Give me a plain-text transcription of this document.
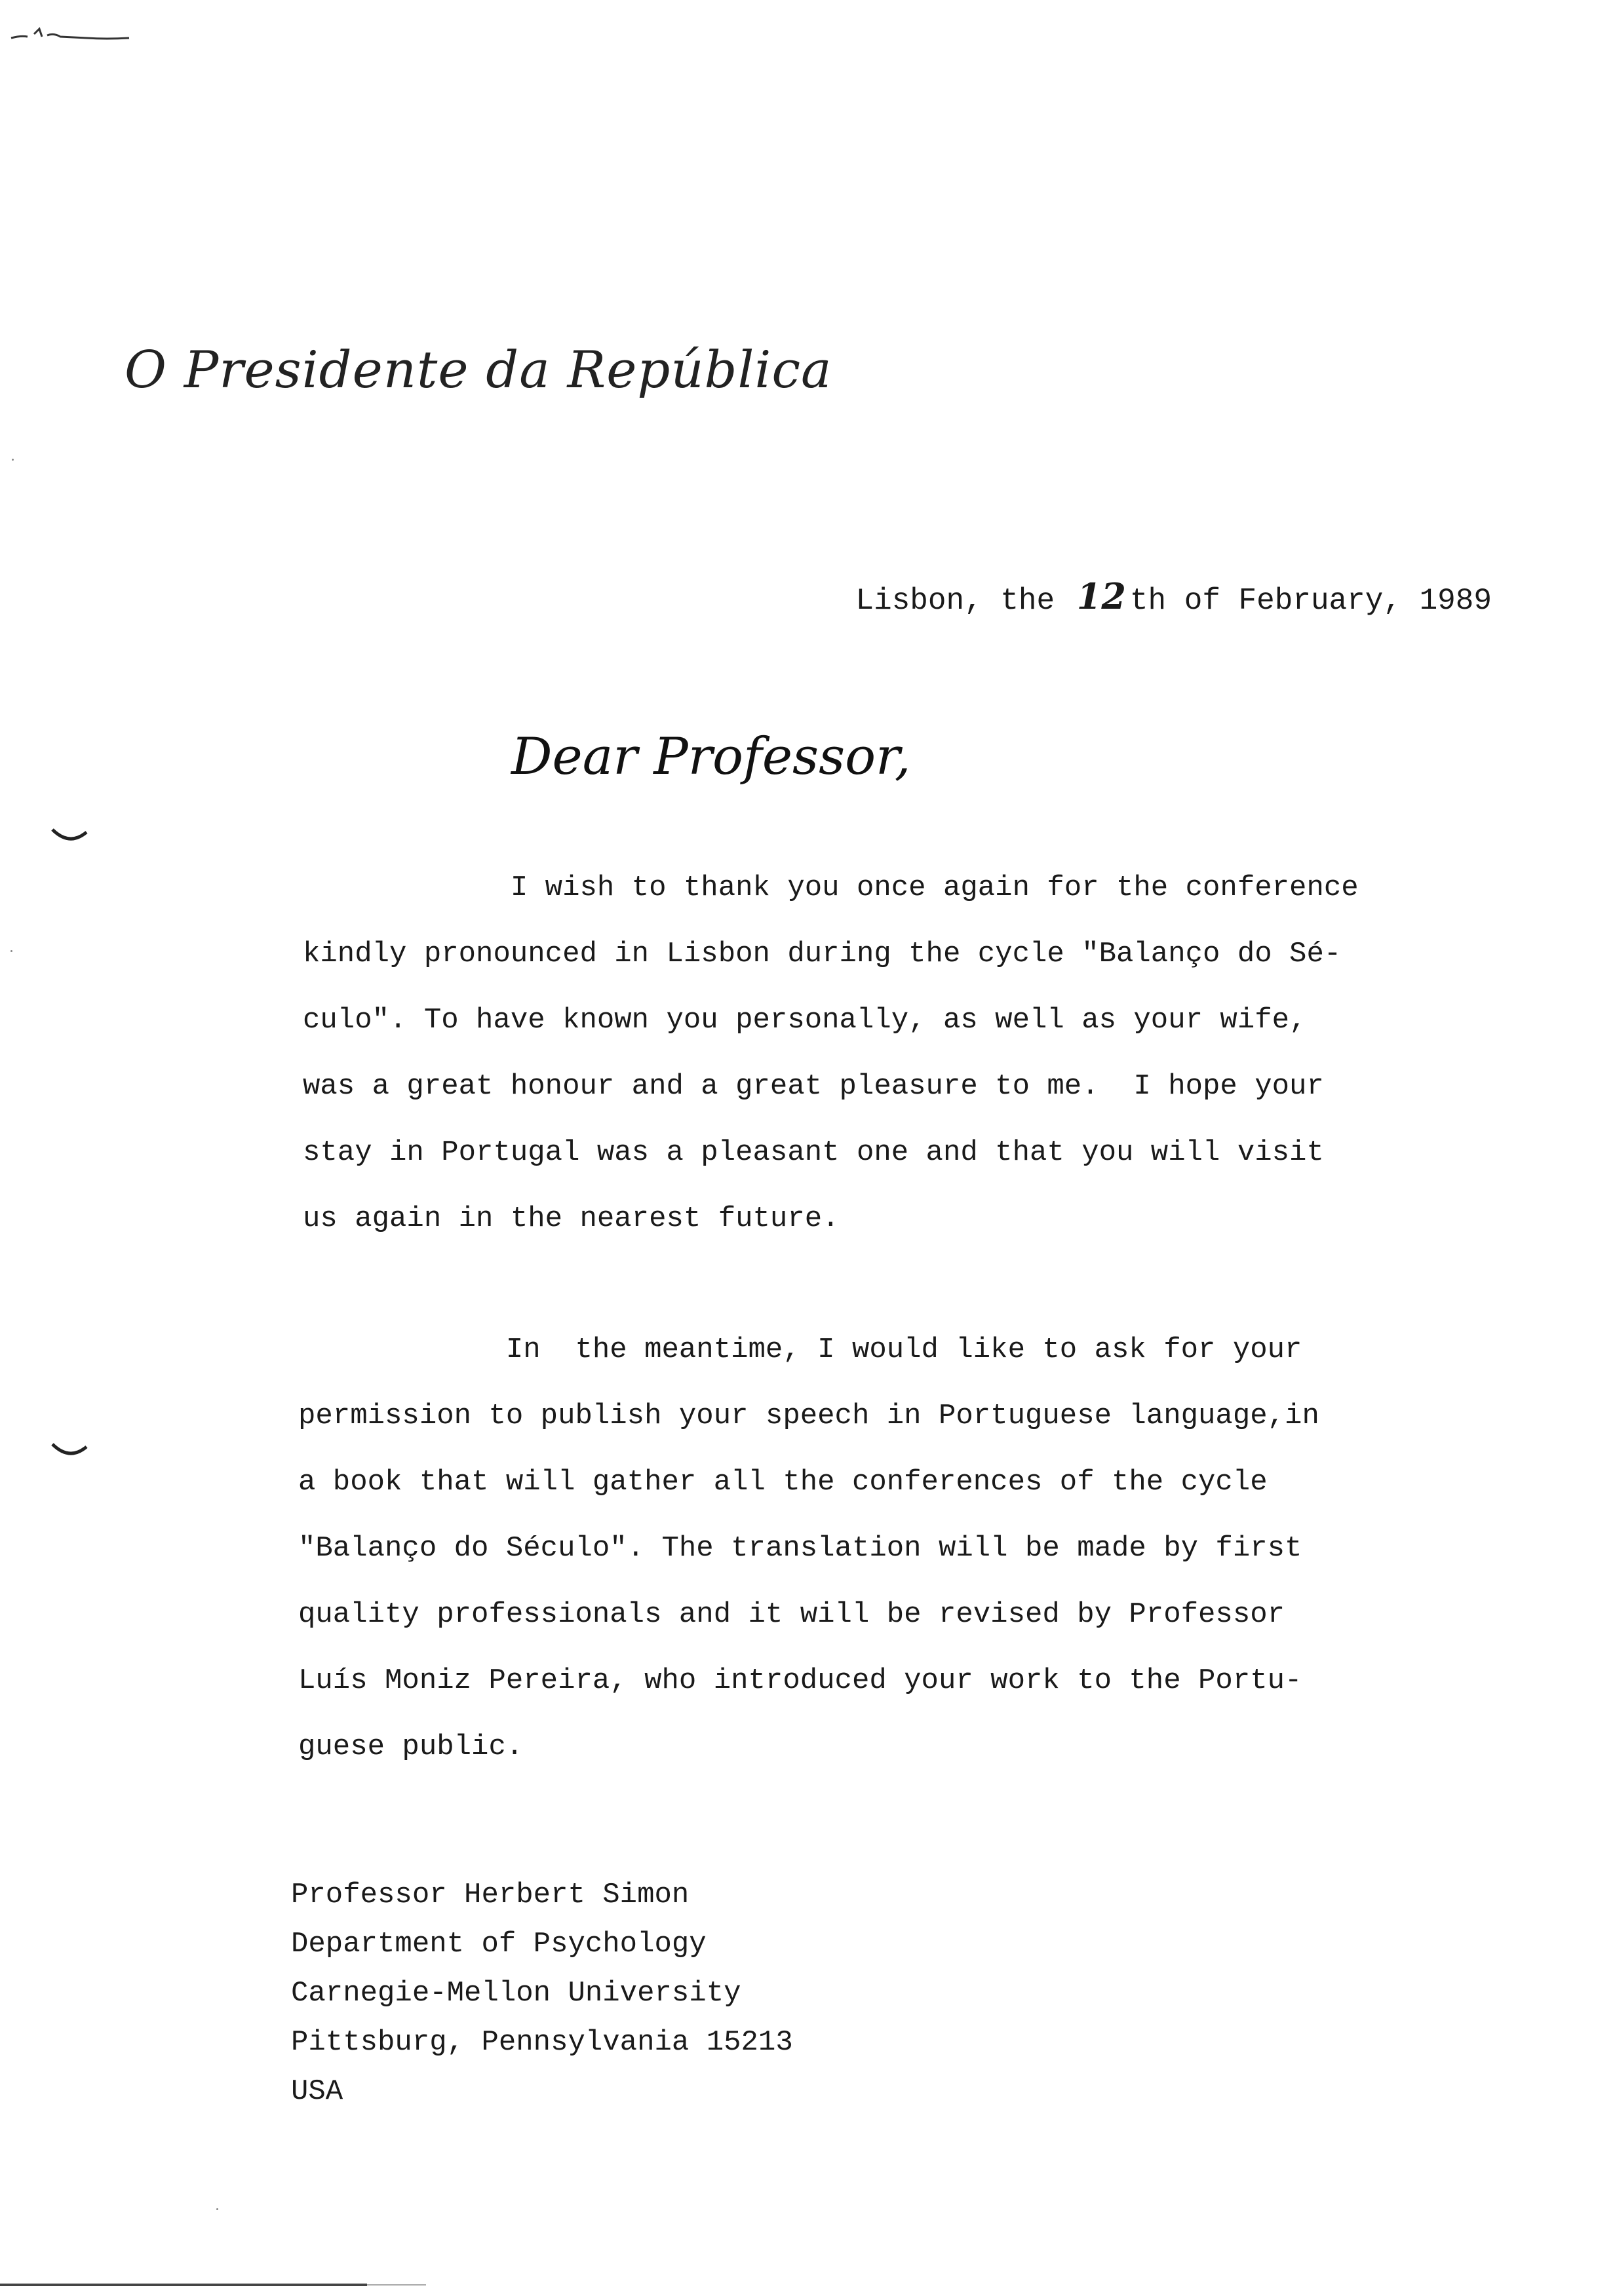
O Presidente da República
Lisbon, the 12 th of February, 1989
Dear Professor,
I wish to thank you once again for the conference
kindly pronounced in Lisbon during the cycle "Balanço do Sé-
culo". To have known you personally, as well as your wife,
was a great honour and a great pleasure to me.  I hope your
stay in Portugal was a pleasant one and that you will visit
us again in the nearest future.
In  the meantime, I would like to ask for your
permission to publish your speech in Portuguese language,in
a book that will gather all the conferences of the cycle
"Balanço do Século". The translation will be made by first
quality professionals and it will be revised by Professor
Luís Moniz Pereira, who introduced your work to the Portu-
guese public.
Professor Herbert Simon
Department of Psychology
Carnegie-Mellon University
Pittsburg, Pennsylvania 15213
USA
